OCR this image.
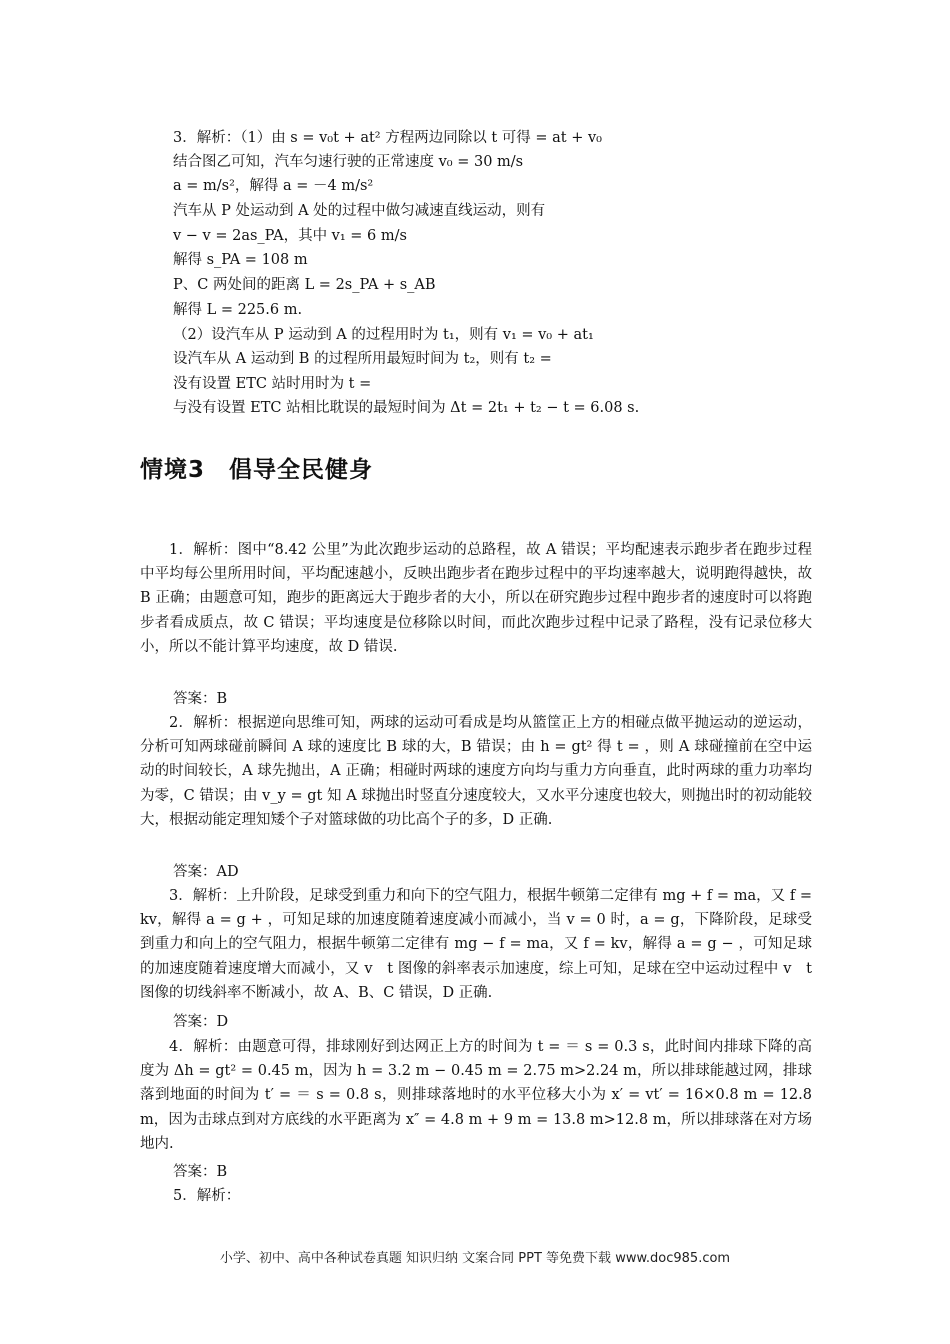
3．解析：（1）由 s = v₀t + at² 方程两边同除以 t 可得 = at + v₀
结合图乙可知，汽车匀速行驶的正常速度 v₀ = 30 m/s
a = m/s²，解得 a = －4 m/s²
汽车从 P 处运动到 A 处的过程中做匀减速直线运动，则有
v − v = 2as_PA，其中 v₁ = 6 m/s
解得 s_PA = 108 m
P、C 两处间的距离 L = 2s_PA + s_AB
解得 L = 225.6 m.
（2）设汽车从 P 运动到 A 的过程用时为 t₁，则有 v₁ = v₀ + at₁
设汽车从 A 运动到 B 的过程所用最短时间为 t₂，则有 t₂ =
没有设置 ETC 站时用时为 t =
与没有设置 ETC 站相比耽误的最短时间为 Δt = 2t₁ + t₂ − t = 6.08 s.
情境3　倡导全民健身
1．解析：图中“8.42 公里”为此次跑步运动的总路程，故 A 错误；平均配速表示跑步者在跑步过程中平均每公里所用时间，平均配速越小，反映出跑步者在跑步过程中的平均速率越大，说明跑得越快，故 B 正确；由题意可知，跑步的距离远大于跑步者的大小，所以在研究跑步过程中跑步者的速度时可以将跑步者看成质点，故 C 错误；平均速度是位移除以时间，而此次跑步过程中记录了路程，没有记录位移大小，所以不能计算平均速度，故 D 错误.
答案：B
2．解析：根据逆向思维可知，两球的运动可看成是均从篮筐正上方的相碰点做平抛运动的逆运动，分析可知两球碰前瞬间 A 球的速度比 B 球的大，B 错误；由 h = gt² 得 t = ，则 A 球碰撞前在空中运动的时间较长，A 球先抛出，A 正确；相碰时两球的速度方向均与重力方向垂直，此时两球的重力功率均为零，C 错误；由 v_y = gt 知 A 球抛出时竖直分速度较大，又水平分速度也较大，则抛出时的初动能较大，根据动能定理知矮个子对篮球做的功比高个子的多，D 正确.
答案：AD
3．解析：上升阶段，足球受到重力和向下的空气阻力，根据牛顿第二定律有 mg + f = ma，又 f = kv，解得 a = g + ，可知足球的加速度随着速度减小而减小，当 v = 0 时，a = g，下降阶段，足球受到重力和向上的空气阻力，根据牛顿第二定律有 mg − f = ma，又 f = kv，解得 a = g − ，可知足球的加速度随着速度增大而减小，又 v　t 图像的斜率表示加速度，综上可知，足球在空中运动过程中 v　t 图像的切线斜率不断减小，故 A、B、C 错误，D 正确.
答案：D
4．解析：由题意可得，排球刚好到达网正上方的时间为 t = ＝ s = 0.3 s，此时间内排球下降的高度为 Δh = gt² = 0.45 m，因为 h = 3.2 m − 0.45 m = 2.75 m>2.24 m，所以排球能越过网，排球落到地面的时间为 t′ = ＝ s = 0.8 s，则排球落地时的水平位移大小为 x′ = vt′ = 16×0.8 m = 12.8 m，因为击球点到对方底线的水平距离为 x″ = 4.8 m + 9 m = 13.8 m>12.8 m，所以排球落在对方场地内.
答案：B
5．解析：
小学、初中、高中各种试卷真题 知识归纳 文案合同 PPT 等免费下载 www.doc985.com
